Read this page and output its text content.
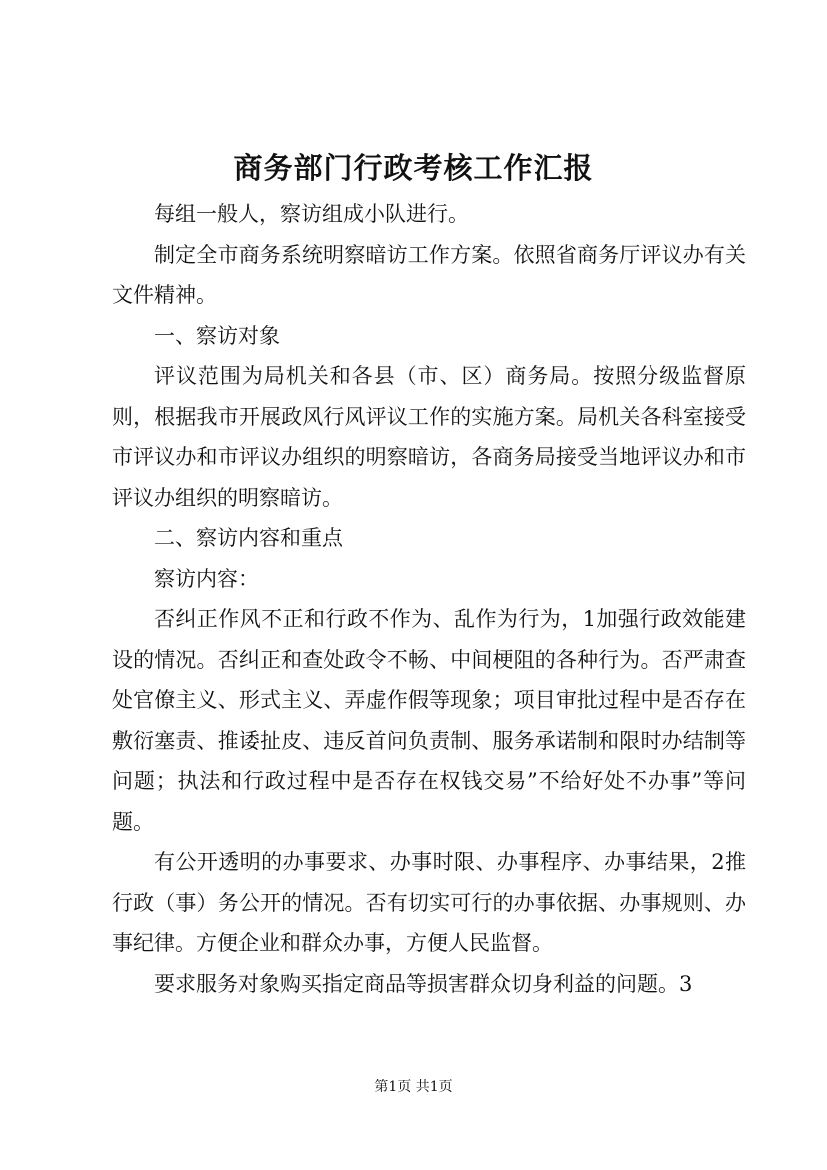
商务部门行政考核工作汇报

每组一般人，察访组成小队进行。

制定全市商务系统明察暗访工作方案。依照省商务厅评议办有关文件精神。

一、察访对象

评议范围为局机关和各县（市、区）商务局。按照分级监督原则，根据我市开展政风行风评议工作的实施方案。局机关各科室接受市评议办和市评议办组织的明察暗访，各商务局接受当地评议办和市评议办组织的明察暗访。

二、察访内容和重点

察访内容：

否纠正作风不正和行政不作为、乱作为行为，1加强行政效能建设的情况。否纠正和查处政令不畅、中间梗阻的各种行为。否严肃查处官僚主义、形式主义、弄虚作假等现象；项目审批过程中是否存在敷衍塞责、推诿扯皮、违反首问负责制、服务承诺制和限时办结制等问题；执法和行政过程中是否存在权钱交易”不给好处不办事”等问题。

有公开透明的办事要求、办事时限、办事程序、办事结果，2推行政（事）务公开的情况。否有切实可行的办事依据、办事规则、办事纪律。方便企业和群众办事，方便人民监督。

要求服务对象购买指定商品等损害群众切身利益的问题。3

第1页 共1页
